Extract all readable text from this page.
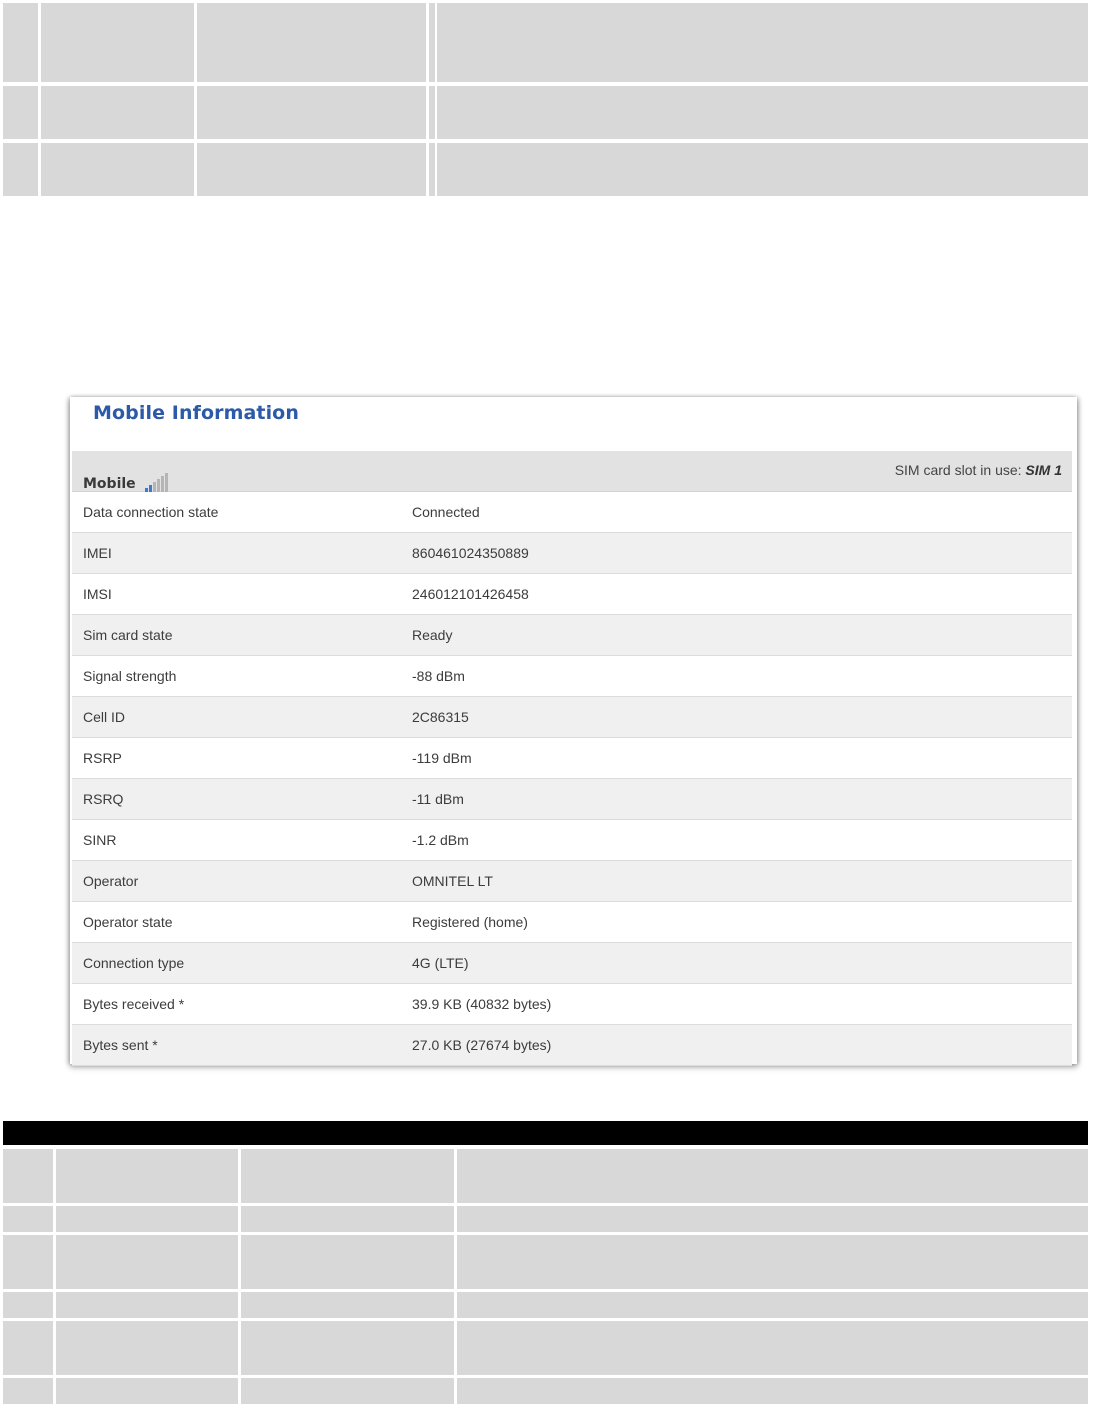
Mobile Information
Mobile
SIM card slot in use: SIM 1
Data connection state	Connected
IMEI	860461024350889
IMSI	246012101426458
Sim card state	Ready
Signal strength	-88 dBm
Cell ID	2C86315
RSRP	-119 dBm
RSRQ	-11 dBm
SINR	-1.2 dBm
Operator	OMNITEL LT
Operator state	Registered (home)
Connection type	4G (LTE)
Bytes received *	39.9 KB (40832 bytes)
Bytes sent *	27.0 KB (27674 bytes)
